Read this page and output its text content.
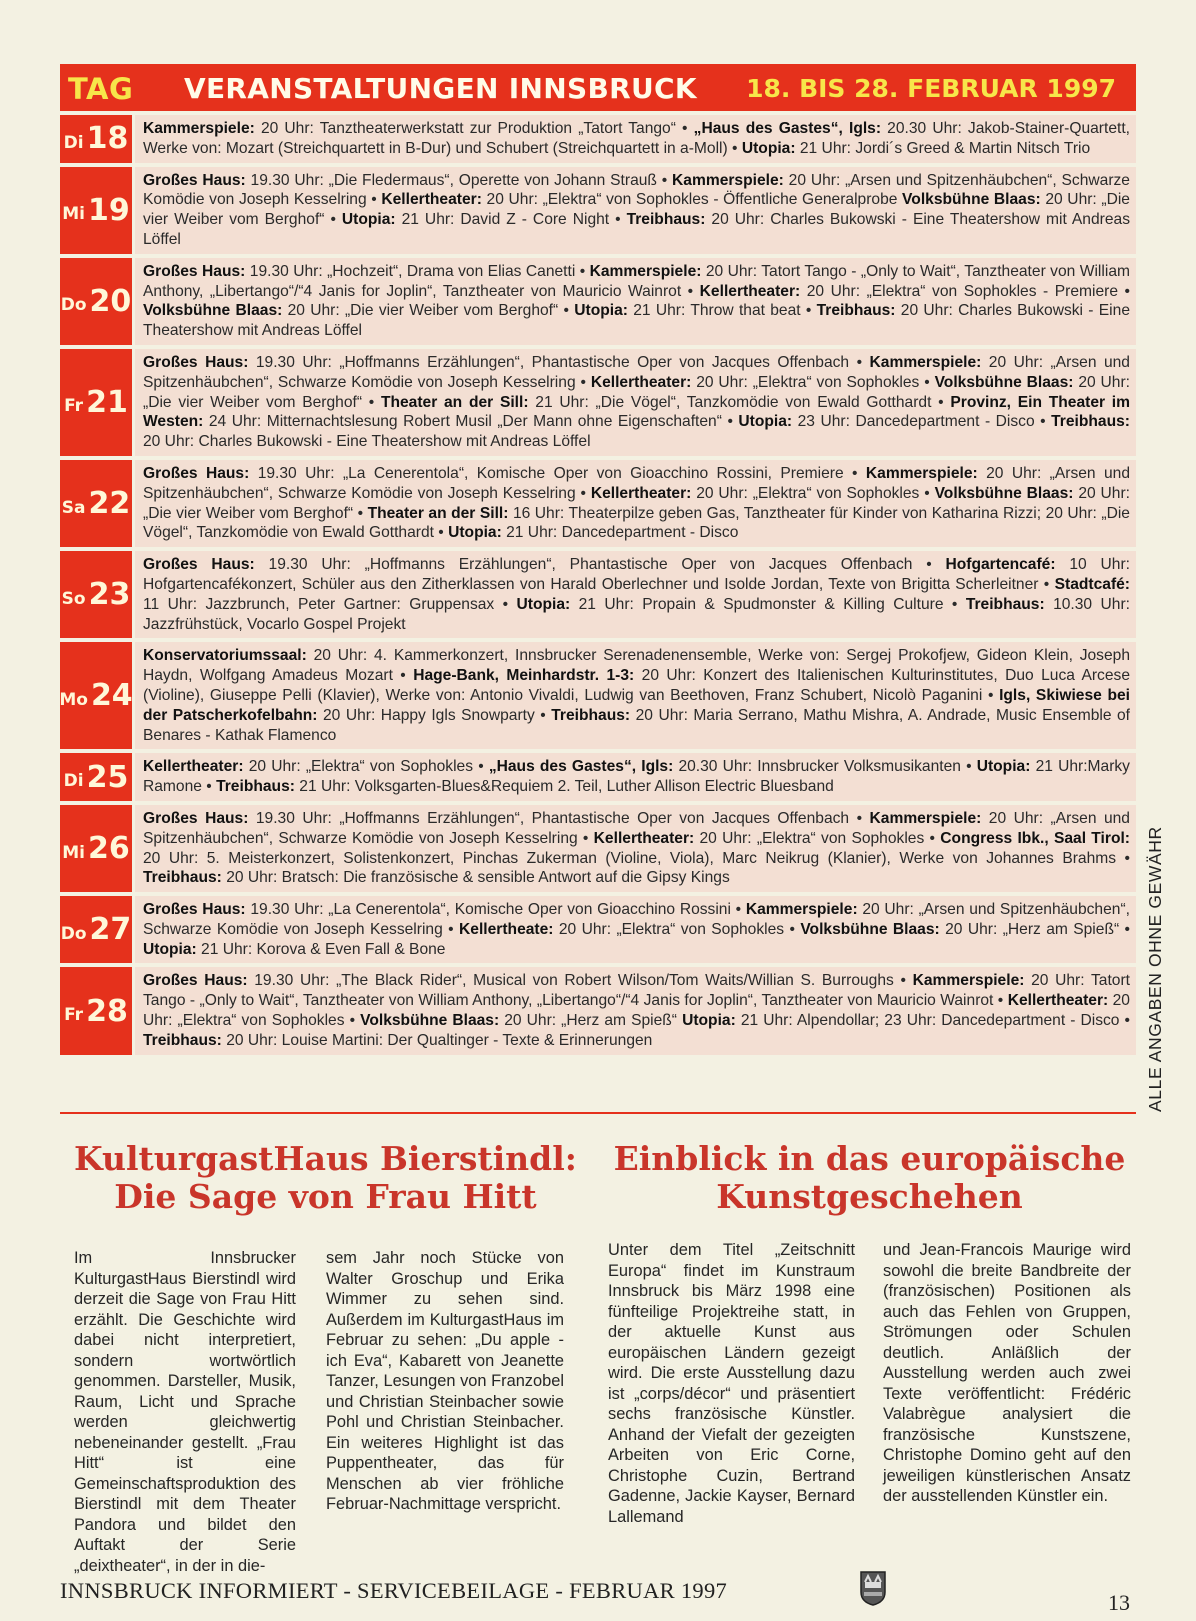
TAG VERANSTALTUNGEN INNSBRUCK 18. BIS 28. FEBRUAR 1997
Di 18 Kammerspiele: 20 Uhr: Tanztheaterwerkstatt zur Produktion „Tatort Tango“ • „Haus des Gastes“, Igls: 20.30 Uhr: Jakob-Stainer-Quartett, Werke von: Mozart (Streichquartett in B-Dur) und Schubert (Streichquartett in a-Moll) • Utopia: 21 Uhr: Jordi´s Greed & Martin Nitsch Trio
Mi 19
Großes Haus: 19.30 Uhr: „Die Fledermaus“, Operette von Johann Strauß • Kammerspiele: 20 Uhr: „Arsen und Spitzenhäubchen“, Schwarze Komödie von Joseph Kesselring • Kellertheater: 20 Uhr: „Elektra“ von Sophokles - Öffentliche Generalprobe Volksbühne Blaas: 20 Uhr: „Die vier Weiber vom Berghof“ • Utopia: 21 Uhr: David Z - Core Night • Treibhaus: 20 Uhr: Charles Bukowski - Eine Theatershow mit Andreas Löffel
Do 20
Großes Haus: 19.30 Uhr: „Hochzeit“, Drama von Elias Canetti • Kammerspiele: 20 Uhr: Tatort Tango - „Only to Wait“, Tanztheater von William Anthony, „Libertango“/“4 Janis for Joplin“, Tanztheater von Mauricio Wainrot • Kellertheater: 20 Uhr: „Elektra“ von Sophokles - Premiere • Volksbühne Blaas: 20 Uhr: „Die vier Weiber vom Berghof“ • Utopia: 21 Uhr: Throw that beat • Treibhaus: 20 Uhr: Charles Bukowski - Eine Theatershow mit Andreas Löffel
Fr 21
Großes Haus: 19.30 Uhr: „Hoffmanns Erzählungen“, Phantastische Oper von Jacques Offenbach • Kammerspiele: 20 Uhr: „Arsen und Spitzenhäubchen“, Schwarze Komödie von Joseph Kesselring • Kellertheater: 20 Uhr: „Elektra“ von Sophokles • Volksbühne Blaas: 20 Uhr: „Die vier Weiber vom Berghof“ • Theater an der Sill: 21 Uhr: „Die Vögel“, Tanzkomödie von Ewald Gotthardt • Provinz, Ein Theater im Westen: 24 Uhr: Mitternachtslesung Robert Musil „Der Mann ohne Eigenschaften“ • Utopia: 23 Uhr: Dancedepartment - Disco • Treibhaus: 20 Uhr: Charles Bukowski - Eine Theatershow mit Andreas Löffel
Sa 22
Großes Haus: 19.30 Uhr: „La Cenerentola“, Komische Oper von Gioacchino Rossini, Premiere • Kammerspiele: 20 Uhr: „Arsen und Spitzenhäubchen“, Schwarze Komödie von Joseph Kesselring • Kellertheater: 20 Uhr: „Elektra“ von Sophokles • Volksbühne Blaas: 20 Uhr: „Die vier Weiber vom Berghof“ • Theater an der Sill: 16 Uhr: Theaterpilze geben Gas, Tanztheater für Kinder von Katharina Rizzi; 20 Uhr: „Die Vögel“, Tanzkomödie von Ewald Gotthardt • Utopia: 21 Uhr: Dancedepartment - Disco
So 23
Großes Haus: 19.30 Uhr: „Hoffmanns Erzählungen“, Phantastische Oper von Jacques Offenbach • Hofgartencafé: 10 Uhr: Hofgartencafékonzert, Schüler aus den Zitherklassen von Harald Oberlechner und Isolde Jordan, Texte von Brigitta Scherleitner • Stadtcafé: 11 Uhr: Jazzbrunch, Peter Gartner: Gruppensax • Utopia: 21 Uhr: Propain & Spudmonster & Killing Culture • Treibhaus: 10.30 Uhr: Jazzfrühstück, Vocarlo Gospel Projekt
Mo 24
Konservatoriumssaal: 20 Uhr: 4. Kammerkonzert, Innsbrucker Serenadenensemble, Werke von: Sergej Prokofjew, Gideon Klein, Joseph Haydn, Wolfgang Amadeus Mozart • Hage-Bank, Meinhardstr. 1-3: 20 Uhr: Konzert des Italienischen Kulturinstitutes, Duo Luca Arcese (Violine), Giuseppe Pelli (Klavier), Werke von: Antonio Vivaldi, Ludwig van Beethoven, Franz Schubert, Nicolò Paganini • Igls, Skiwiese bei der Patscherkofelbahn: 20 Uhr: Happy Igls Snowparty • Treibhaus: 20 Uhr: Maria Serrano, Mathu Mishra, A. Andrade, Music Ensemble of Benares - Kathak Flamenco
Di 25 Kellertheater: 20 Uhr: „Elektra“ von Sophokles • „Haus des Gastes“, Igls: 20.30 Uhr: Innsbrucker Volksmusikanten • Utopia: 21 Uhr:Marky Ramone • Treibhaus: 21 Uhr: Volksgarten-Blues&Requiem 2. Teil, Luther Allison Electric Bluesband
Mi 26
Großes Haus: 19.30 Uhr: „Hoffmanns Erzählungen“, Phantastische Oper von Jacques Offenbach • Kammerspiele: 20 Uhr: „Arsen und Spitzenhäubchen“, Schwarze Komödie von Joseph Kesselring • Kellertheater: 20 Uhr: „Elektra“ von Sophokles • Congress Ibk., Saal Tirol: 20 Uhr: 5. Meisterkonzert, Solistenkonzert, Pinchas Zukerman (Violine, Viola), Marc Neikrug (Klanier), Werke von Johannes Brahms • Treibhaus: 20 Uhr: Bratsch: Die französische & sensible Antwort auf die Gipsy Kings
Do 27
Großes Haus: 19.30 Uhr: „La Cenerentola“, Komische Oper von Gioacchino Rossini • Kammerspiele: 20 Uhr: „Arsen und Spitzenhäubchen“, Schwarze Komödie von Joseph Kesselring • Kellertheate: 20 Uhr: „Elektra“ von Sophokles • Volksbühne Blaas: 20 Uhr: „Herz am Spieß“ • Utopia: 21 Uhr: Korova & Even Fall & Bone
Fr 28
Großes Haus: 19.30 Uhr: „The Black Rider“, Musical von Robert Wilson/Tom Waits/Willian S. Burroughs • Kammerspiele: 20 Uhr: Tatort Tango - „Only to Wait“, Tanztheater von William Anthony, „Libertango“/“4 Janis for Joplin“, Tanztheater von Mauricio Wainrot • Kellertheater: 20 Uhr: „Elektra“ von Sophokles • Volksbühne Blaas: 20 Uhr: „Herz am Spieß“ Utopia: 21 Uhr: Alpendollar; 23 Uhr: Dancedepartment - Disco • Treibhaus: 20 Uhr: Louise Martini: Der Qualtinger - Texte & Erinnerungen	ALLE ANGABEN OHNE GEWÄHR
KulturgastHaus Bierstindl:
Die Sage von Frau Hitt
Im Innsbrucker KulturgastHaus Bierstindl wird derzeit die Sage von Frau Hitt erzählt. Die Geschichte wird dabei nicht interpretiert, sondern wortwörtlich genommen. Darsteller, Musik, Raum, Licht und Sprache werden gleichwertig nebeneinander gestellt. „Frau Hitt“ ist eine Gemeinschaftsproduktion des Bierstindl mit dem Theater Pandora und bildet den Auftakt der Serie „deixtheater“, in der in die-
sem Jahr noch Stücke von Walter Groschup und Erika Wimmer zu sehen sind. Außerdem im KulturgastHaus im Februar zu sehen: „Du apple - ich Eva“, Kabarett von Jeanette Tanzer, Lesungen von Franzobel und Christian Steinbacher sowie Pohl und Christian Steinbacher. Ein weiteres Highlight ist das Puppentheater, das für Menschen ab vier fröhliche Februar-Nachmittage verspricht.
Einblick in das europäische
Kunstgeschehen
Unter dem Titel „Zeitschnitt Europa“ findet im Kunstraum Innsbruck bis März 1998 eine fünfteilige Projektreihe statt, in der aktuelle Kunst aus europäischen Ländern gezeigt wird. Die erste Ausstellung dazu ist „corps/décor“ und präsentiert sechs französische Künstler. Anhand der Viefalt der gezeigten Arbeiten von Eric Corne, Christophe Cuzin, Bertrand Gadenne, Jackie Kayser, Bernard Lallemand
und Jean-Francois Maurige wird sowohl die breite Bandbreite der (französischen) Positionen als auch das Fehlen von Gruppen, Strömungen oder Schulen deutlich. Anläßlich der Ausstellung werden auch zwei Texte veröffentlicht: Frédéric Valabrègue analysiert die französische Kunstszene, Christophe Domino geht auf den jeweiligen künstlerischen Ansatz der ausstellenden Künstler ein.
INNSBRUCK INFORMIERT - SERVICEBEILAGE - FEBRUAR 1997	13
